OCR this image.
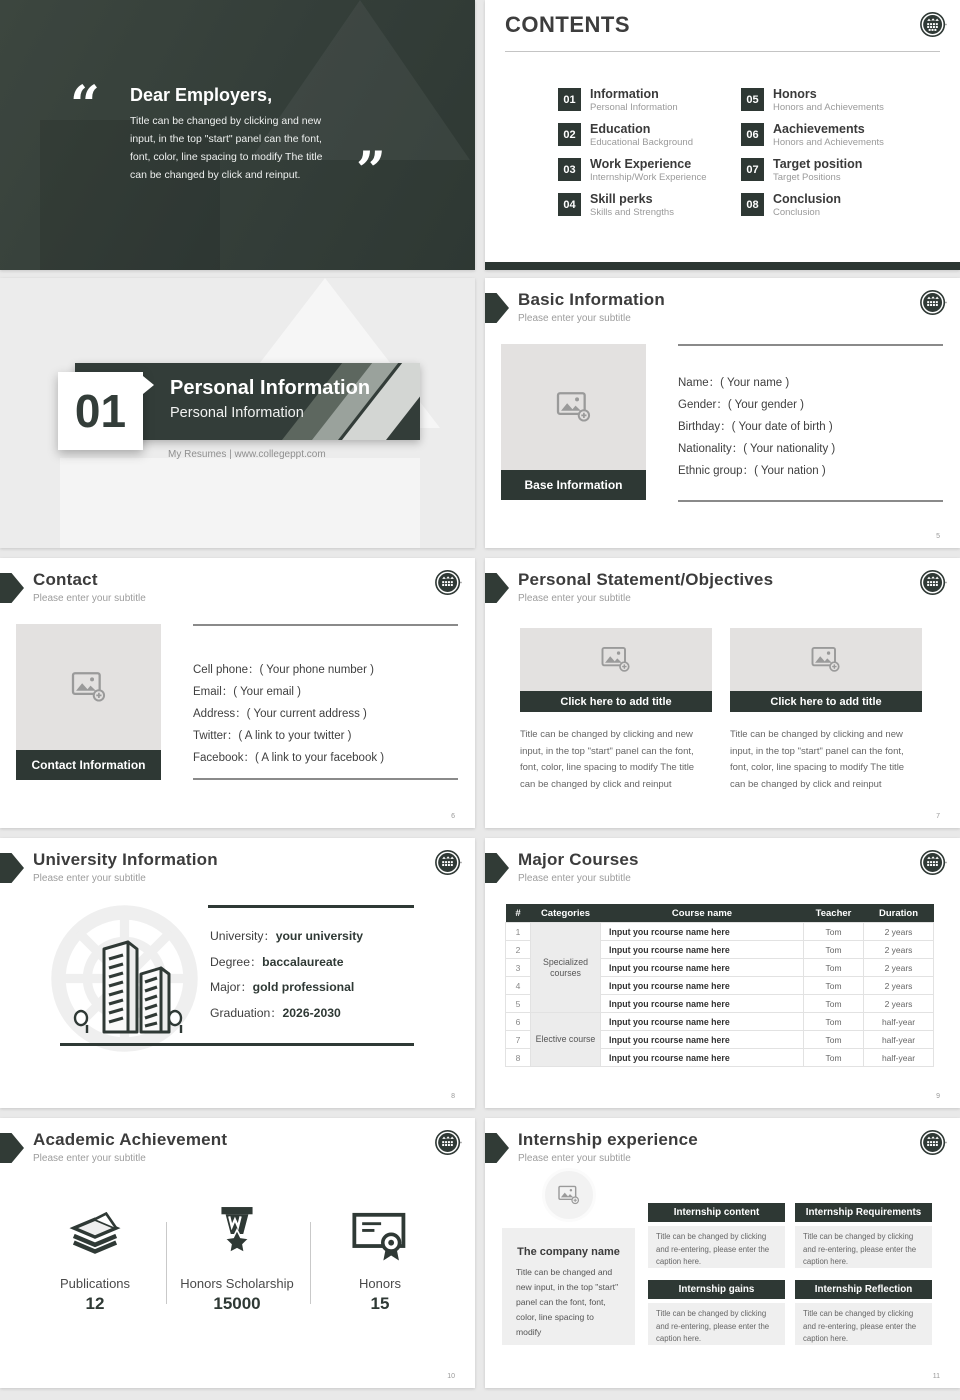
“ Dear Employers,
Title can be changed by clicking and new input, in the top "start" panel can the font, font, color, line spacing to modify The title can be changed by click and reinput.	”
CONTENTS
01	Information
Personal Information
02	Education
Educational Background
03	Work Experience
Internship/Work Experience
04	Skill perks
Skills and Strengths
05	Honors
Honors and Achievements
06	Aachievements
Honors and Achievements
07	Target position
Target Positions
08	Conclusion
Conclusion
Personal Information
Personal Information
01
My Resumes | www.collegeppt.com
Basic Information
Please enter your subtitle
Base Information
Name：( Your name )
Gender：( Your gender )
Birthday：( Your date of birth )
Nationality：( Your nationality )
Ethnic group：( Your nation )
5
Contact
Please enter your subtitle
Contact Information
Cell phone：( Your phone number )
Email：( Your email )
Address：( Your current address )
Twitter：( A link to your twitter )
Facebook：( A link to your facebook )
6
Personal Statement/Objectives
Please enter your subtitle
Click here to add title
Title can be changed by clicking and new input, in the top "start" panel can the font, font, color, line spacing to modify The title can be changed by click and reinput
Click here to add title
Title can be changed by clicking and new input, in the top "start" panel can the font, font, color, line spacing to modify The title can be changed by click and reinput
7
University Information
Please enter your subtitle
University：your university
Degree：baccalaureate
Major：gold professional
Graduation：2026-2030
8
Major Courses
Please enter your subtitle
#	Categories	Course name	Teacher	Duration
1	Specialized courses	Input you rcourse name here	Tom	2 years
2		Input you rcourse name here	Tom	2 years
3		Input you rcourse name here	Tom	2 years
4		Input you rcourse name here	Tom	2 years
5		Input you rcourse name here	Tom	2 years
6	Elective course	Input you rcourse name here	Tom	half-year
7		Input you rcourse name here	Tom	half-year
8		Input you rcourse name here	Tom	half-year
9
Academic Achievement
Please enter your subtitle
Publications
12
Honors Scholarship
15000
Honors
15
10
Internship experience
Please enter your subtitle
The company name
Title can be changed and new input, in the top "start" panel can the font, font, color, line spacing to modify
Internship content
Title can be changed by clicking and re-entering, please enter the caption here.
Internship Requirements
Title can be changed by clicking and re-entering, please enter the caption here.
Internship gains
Title can be changed by clicking and re-entering, please enter the caption here.
Internship Reflection
Title can be changed by clicking and re-entering, please enter the caption here.
11
